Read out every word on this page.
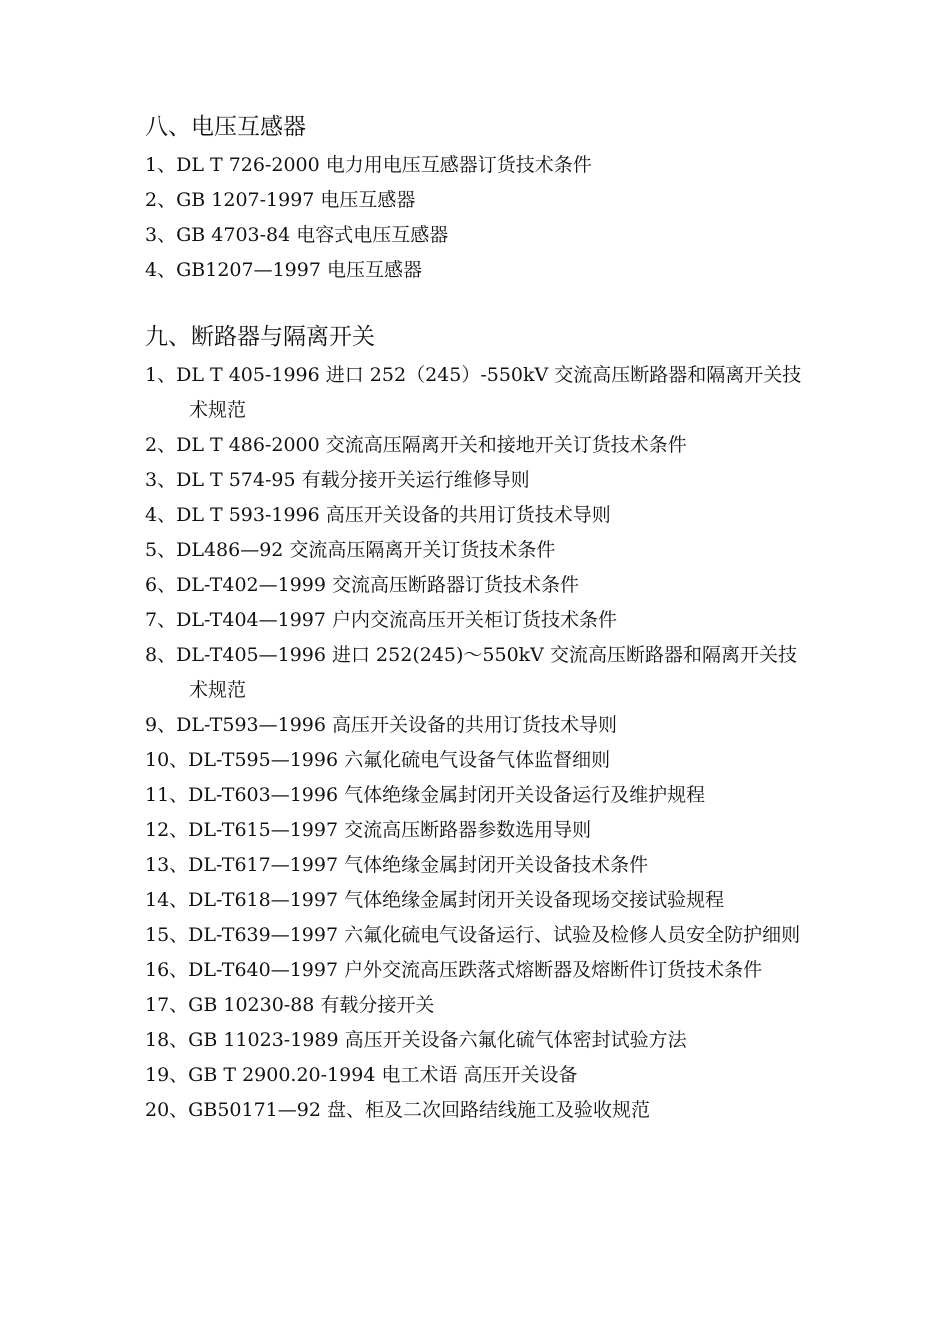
八、电压互感器
1、DL T 726-2000 电力用电压互感器订货技术条件
2、GB 1207-1997 电压互感器
3、GB 4703-84 电容式电压互感器
4、GB1207—1997 电压互感器
九、断路器与隔离开关
1、DL T 405-1996 进口 252（245）-550kV 交流高压断路器和隔离开关技术规范
2、DL T 486-2000 交流高压隔离开关和接地开关订货技术条件
3、DL T 574-95 有载分接开关运行维修导则
4、DL T 593-1996 高压开关设备的共用订货技术导则
5、DL486—92 交流高压隔离开关订货技术条件
6、DL-T402—1999 交流高压断路器订货技术条件
7、DL-T404—1997 户内交流高压开关柜订货技术条件
8、DL-T405—1996 进口 252(245)～550kV 交流高压断路器和隔离开关技术规范
9、DL-T593—1996 高压开关设备的共用订货技术导则
10、DL-T595—1996 六氟化硫电气设备气体监督细则
11、DL-T603—1996 气体绝缘金属封闭开关设备运行及维护规程
12、DL-T615—1997 交流高压断路器参数选用导则
13、DL-T617—1997 气体绝缘金属封闭开关设备技术条件
14、DL-T618—1997 气体绝缘金属封闭开关设备现场交接试验规程
15、DL-T639—1997 六氟化硫电气设备运行、试验及检修人员安全防护细则
16、DL-T640—1997 户外交流高压跌落式熔断器及熔断件订货技术条件
17、GB 10230-88 有载分接开关
18、GB 11023-1989 高压开关设备六氟化硫气体密封试验方法
19、GB T 2900.20-1994 电工术语 高压开关设备
20、GB50171—92 盘、柜及二次回路结线施工及验收规范
